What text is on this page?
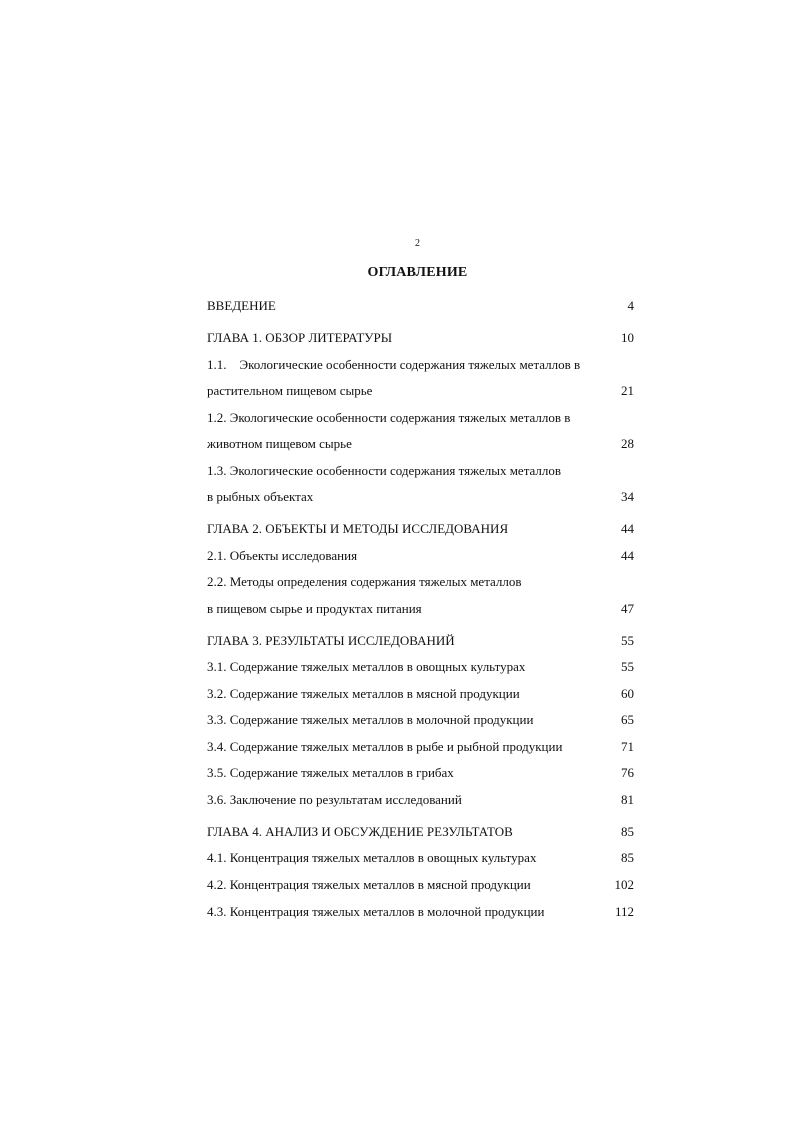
2
ОГЛАВЛЕНИЕ
ВВЕДЕНИЕ	4
ГЛАВА 1. ОБЗОР ЛИТЕРАТУРЫ	10
1.1.    Экологические особенности содержания тяжелых металлов в
растительном пищевом сырье	21
1.2. Экологические особенности содержания тяжелых металлов в
животном пищевом сырье	28
1.3. Экологические особенности содержания тяжелых металлов
в рыбных объектах	34
ГЛАВА 2. ОБЪЕКТЫ И МЕТОДЫ ИССЛЕДОВАНИЯ	44
2.1. Объекты исследования	44
2.2. Методы определения содержания тяжелых металлов
в пищевом сырье и продуктах питания	47
ГЛАВА 3. РЕЗУЛЬТАТЫ ИССЛЕДОВАНИЙ	55
3.1. Содержание тяжелых металлов в овощных культурах	55
3.2. Содержание тяжелых металлов в мясной продукции	60
3.3. Содержание тяжелых металлов в молочной продукции	65
3.4. Содержание тяжелых металлов в рыбе и рыбной продукции	71
3.5. Содержание тяжелых металлов в грибах	76
3.6. Заключение по результатам исследований	81
ГЛАВА 4. АНАЛИЗ И ОБСУЖДЕНИЕ РЕЗУЛЬТАТОВ	85
4.1. Концентрация тяжелых металлов в овощных культурах	85
4.2. Концентрация тяжелых металлов в мясной продукции	102
4.3. Концентрация тяжелых металлов в молочной продукции	112
